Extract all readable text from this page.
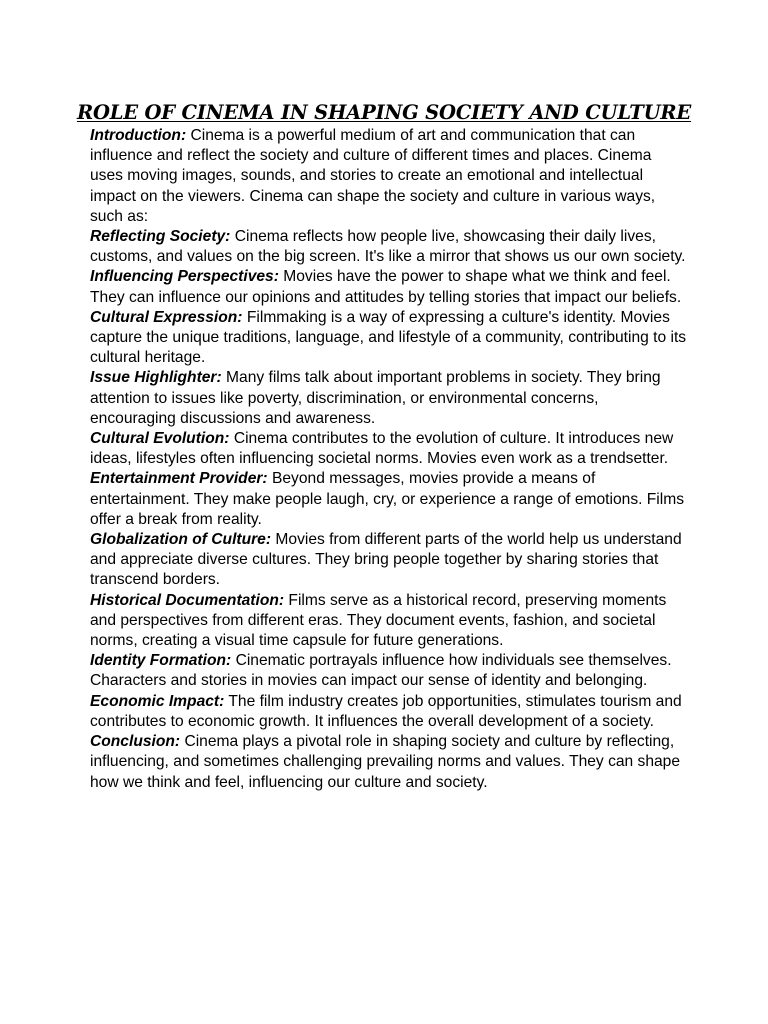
ROLE OF CINEMA IN SHAPING SOCIETY AND CULTURE

Introduction: Cinema is a powerful medium of art and communication that can influence and reflect the society and culture of different times and places. Cinema uses moving images, sounds, and stories to create an emotional and intellectual impact on the viewers. Cinema can shape the society and culture in various ways, such as:

Reflecting Society: Cinema reflects how people live, showcasing their daily lives, customs, and values on the big screen. It's like a mirror that shows us our own society.

Influencing Perspectives: Movies have the power to shape what we think and feel. They can influence our opinions and attitudes by telling stories that impact our beliefs.

Cultural Expression: Filmmaking is a way of expressing a culture's identity. Movies capture the unique traditions, language, and lifestyle of a community, contributing to its cultural heritage.

Issue Highlighter: Many films talk about important problems in society. They bring attention to issues like poverty, discrimination, or environmental concerns, encouraging discussions and awareness.

Cultural Evolution: Cinema contributes to the evolution of culture. It introduces new ideas, lifestyles often influencing societal norms. Movies even work as a trendsetter.

Entertainment Provider: Beyond messages, movies provide a means of entertainment. They make people laugh, cry, or experience a range of emotions. Films offer a break from reality.

Globalization of Culture: Movies from different parts of the world help us understand and appreciate diverse cultures. They bring people together by sharing stories that transcend borders.

Historical Documentation: Films serve as a historical record, preserving moments and perspectives from different eras. They document events, fashion, and societal norms, creating a visual time capsule for future generations.

Identity Formation: Cinematic portrayals influence how individuals see themselves. Characters and stories in movies can impact our sense of identity and belonging.

Economic Impact: The film industry creates job opportunities, stimulates tourism and contributes to economic growth. It influences the overall development of a society.

Conclusion: Cinema plays a pivotal role in shaping society and culture by reflecting, influencing, and sometimes challenging prevailing norms and values. They can shape how we think and feel, influencing our culture and society.
